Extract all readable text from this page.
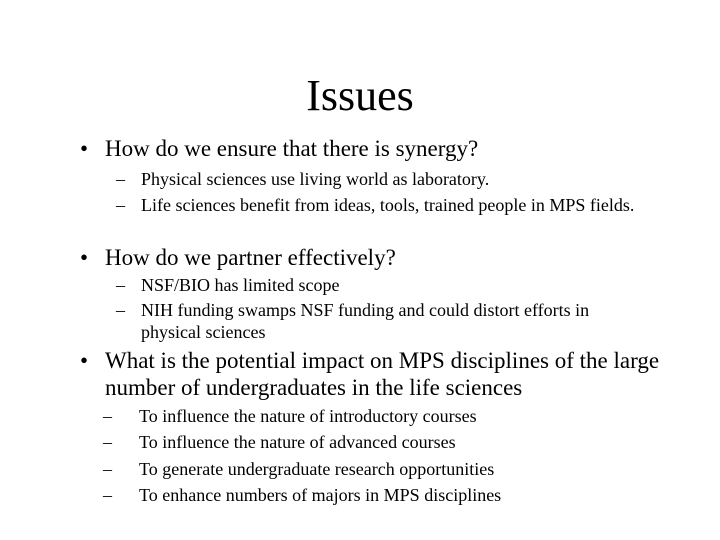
Issues
• How do we ensure that there is synergy?
– Physical sciences use living world as laboratory.
– Life sciences benefit from ideas, tools, trained people in MPS fields.
• How do we partner effectively?
– NSF/BIO has limited scope
– NIH funding swamps NSF funding and could distort efforts in physical sciences
• What is the potential impact on MPS disciplines of the large number of undergraduates in the life sciences
– To influence the nature of introductory courses
– To influence the nature of advanced courses
– To generate undergraduate research opportunities
– To enhance numbers of majors in MPS disciplines
